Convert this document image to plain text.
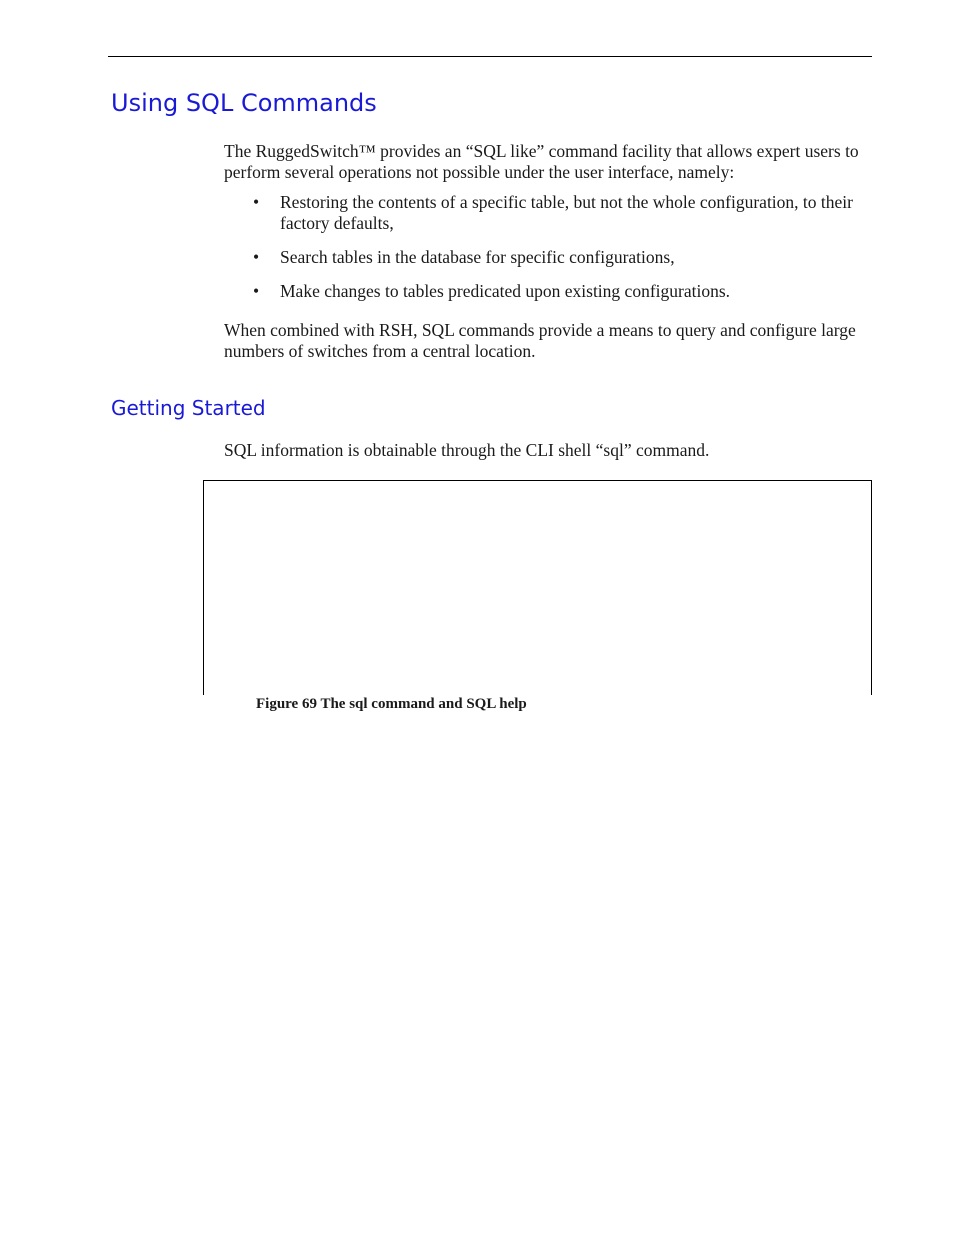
Using SQL Commands

The RuggedSwitch™ provides an “SQL like” command facility that allows expert users to perform several operations not possible under the user interface, namely:

• Restoring the contents of a specific table, but not the whole configuration, to their factory defaults,
• Search tables in the database for specific configurations,
• Make changes to tables predicated upon existing configurations.

When combined with RSH, SQL commands provide a means to query and configure large numbers of switches from a central location.

Getting Started

SQL information is obtainable through the CLI shell “sql” command.

Figure 69 The sql command and SQL help
